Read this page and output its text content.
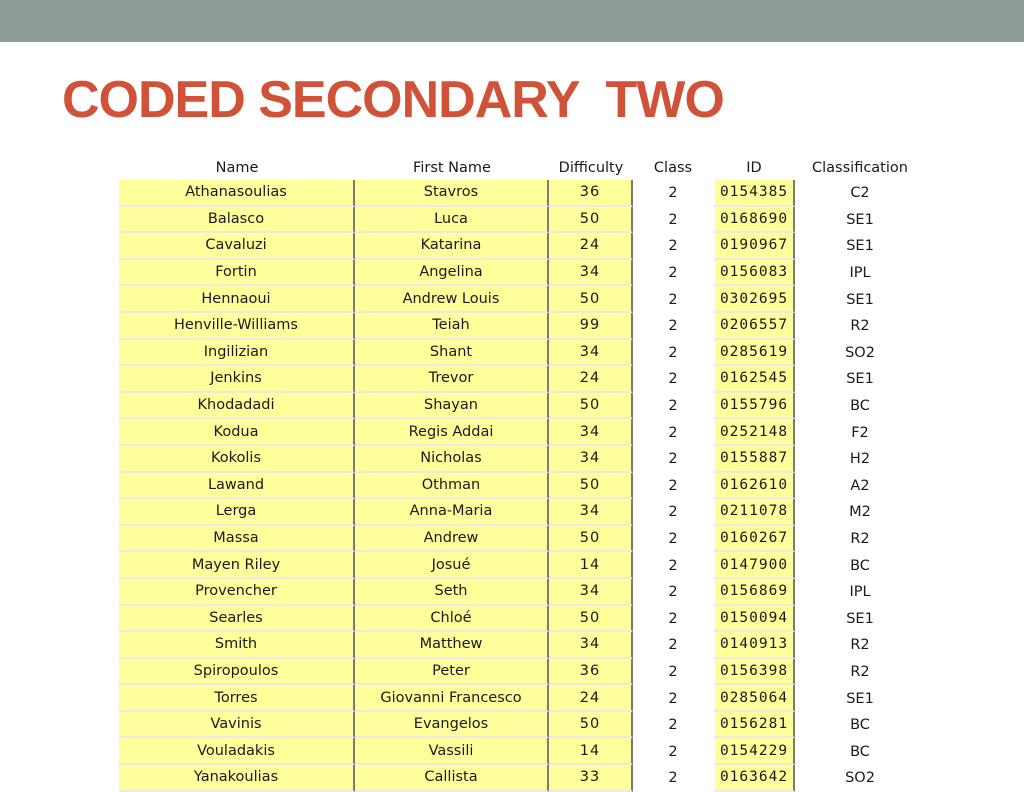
CODED SECONDARY  TWO
Name	First Name	Difficulty	Class	ID	Classification
Athanasoulias	Stavros	36	2	0154385	C2
Balasco	Luca	50	2	0168690	SE1
Cavaluzi	Katarina	24	2	0190967	SE1
Fortin	Angelina	34	2	0156083	IPL
Hennaoui	Andrew Louis	50	2	0302695	SE1
Henville-Williams	Teiah	99	2	0206557	R2
Ingilizian	Shant	34	2	0285619	SO2
Jenkins	Trevor	24	2	0162545	SE1
Khodadadi	Shayan	50	2	0155796	BC
Kodua	Regis Addai	34	2	0252148	F2
Kokolis	Nicholas	34	2	0155887	H2
Lawand	Othman	50	2	0162610	A2
Lerga	Anna-Maria	34	2	0211078	M2
Massa	Andrew	50	2	0160267	R2
Mayen Riley	Josué	14	2	0147900	BC
Provencher	Seth	34	2	0156869	IPL
Searles	Chloé	50	2	0150094	SE1
Smith	Matthew	34	2	0140913	R2
Spiropoulos	Peter	36	2	0156398	R2
Torres	Giovanni Francesco	24	2	0285064	SE1
Vavinis	Evangelos	50	2	0156281	BC
Vouladakis	Vassili	14	2	0154229	BC
Yanakoulias	Callista	33	2	0163642	SO2
